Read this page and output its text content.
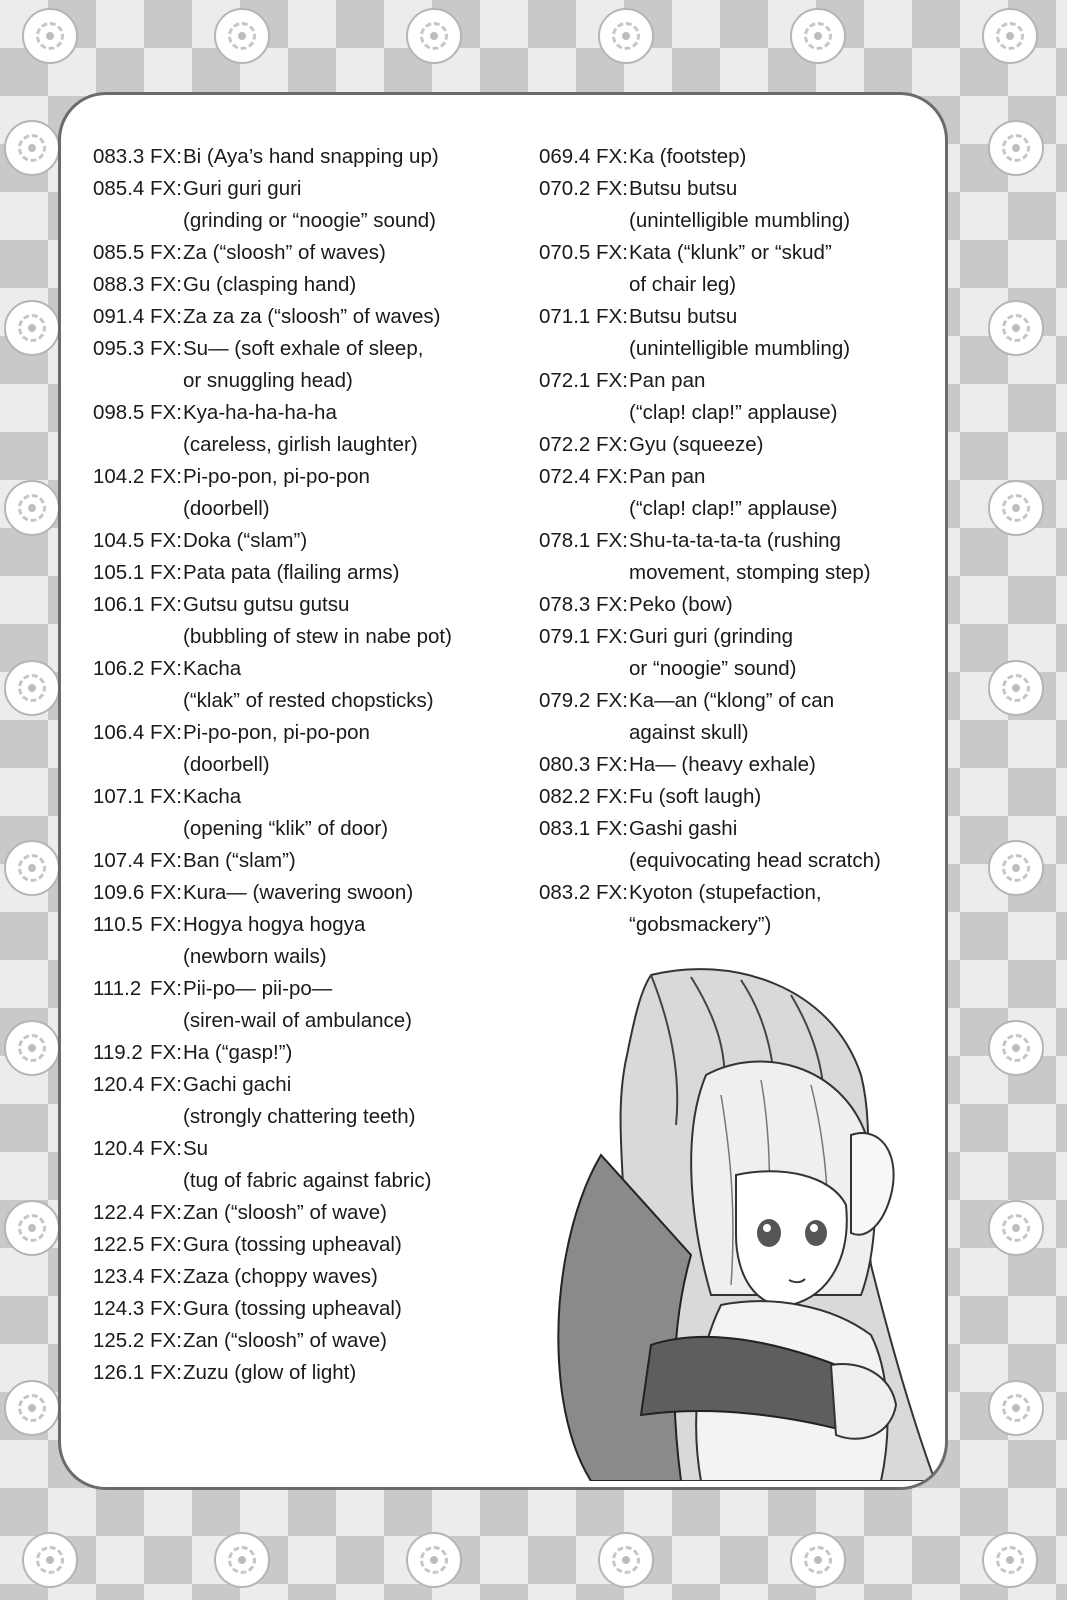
083.3 FX: Bi (Aya’s hand snapping up)
085.4 FX: Guri guri guri
(grinding or “noogie” sound)
085.5 FX: Za (“sloosh” of waves)
088.3 FX: Gu (clasping hand)
091.4 FX: Za za za (“sloosh” of waves)
095.3 FX: Su— (soft exhale of sleep,
or snuggling head)
098.5 FX: Kya-ha-ha-ha-ha
(careless, girlish laughter)
104.2 FX: Pi-po-pon, pi-po-pon
(doorbell)
104.5 FX: Doka (“slam”)
105.1 FX: Pata pata (flailing arms)
106.1 FX: Gutsu gutsu gutsu
(bubbling of stew in nabe pot)
106.2 FX: Kacha
(“klak” of rested chopsticks)
106.4 FX: Pi-po-pon, pi-po-pon
(doorbell)
107.1 FX: Kacha
(opening “klik” of door)
107.4 FX: Ban (“slam”)
109.6 FX: Kura— (wavering swoon)
110.5 FX: Hogya hogya hogya
(newborn wails)
111.2 FX: Pii-po— pii-po—
(siren-wail of ambulance)
119.2 FX: Ha (“gasp!”)
120.4 FX: Gachi gachi
(strongly chattering teeth)
120.4 FX: Su
(tug of fabric against fabric)
122.4 FX: Zan (“sloosh” of wave)
122.5 FX: Gura (tossing upheaval)
123.4 FX: Zaza (choppy waves)
124.3 FX: Gura (tossing upheaval)
125.2 FX: Zan (“sloosh” of wave)
126.1 FX: Zuzu (glow of light)
069.4 FX: Ka (footstep)
070.2 FX: Butsu butsu
(unintelligible mumbling)
070.5 FX: Kata (“klunk” or “skud”
of chair leg)
071.1 FX: Butsu butsu
(unintelligible mumbling)
072.1 FX: Pan pan
(“clap! clap!” applause)
072.2 FX: Gyu (squeeze)
072.4 FX: Pan pan
(“clap! clap!” applause)
078.1 FX: Shu-ta-ta-ta-ta (rushing
movement, stomping step)
078.3 FX: Peko (bow)
079.1 FX: Guri guri (grinding
or “noogie” sound)
079.2 FX: Ka—an (“klong” of can
against skull)
080.3 FX: Ha— (heavy exhale)
082.2 FX: Fu (soft laugh)
083.1 FX: Gashi gashi
(equivocating head scratch)
083.2 FX: Kyoton (stupefaction,
“gobsmackery”)
